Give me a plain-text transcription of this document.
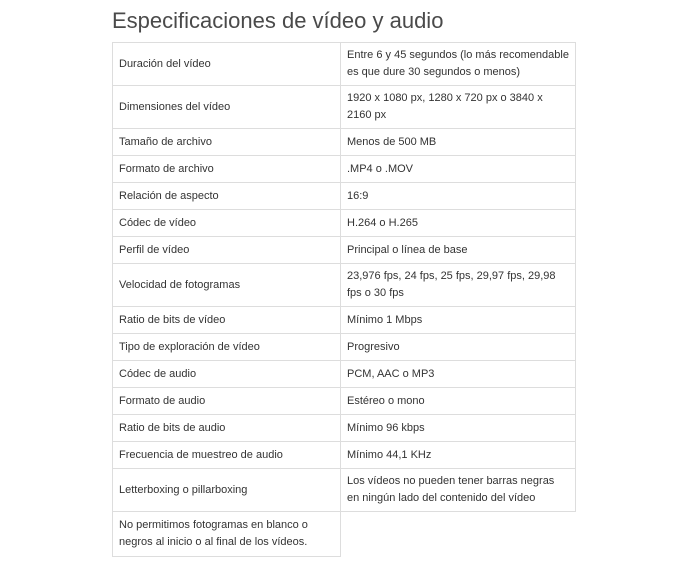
Especificaciones de vídeo y audio
Duración del vídeo	Entre 6 y 45 segundos (lo más recomendable es que dure 30 segundos o menos)
Dimensiones del vídeo	1920 x 1080 px, 1280 x 720 px o 3840 x 2160 px
Tamaño de archivo	Menos de 500 MB
Formato de archivo	.MP4 o .MOV
Relación de aspecto	16:9
Códec de vídeo	H.264 o H.265
Perfil de vídeo	Principal o línea de base
Velocidad de fotogramas	23,976 fps, 24 fps, 25 fps, 29,97 fps, 29,98 fps o 30 fps
Ratio de bits de vídeo	Mínimo 1 Mbps
Tipo de exploración de vídeo	Progresivo
Códec de audio	PCM, AAC o MP3
Formato de audio	Estéreo o mono
Ratio de bits de audio	Mínimo 96 kbps
Frecuencia de muestreo de audio	Mínimo 44,1 KHz
Letterboxing o pillarboxing	Los vídeos no pueden tener barras negras en ningún lado del contenido del vídeo
No permitimos fotogramas en blanco o negros al inicio o al final de los vídeos.	
